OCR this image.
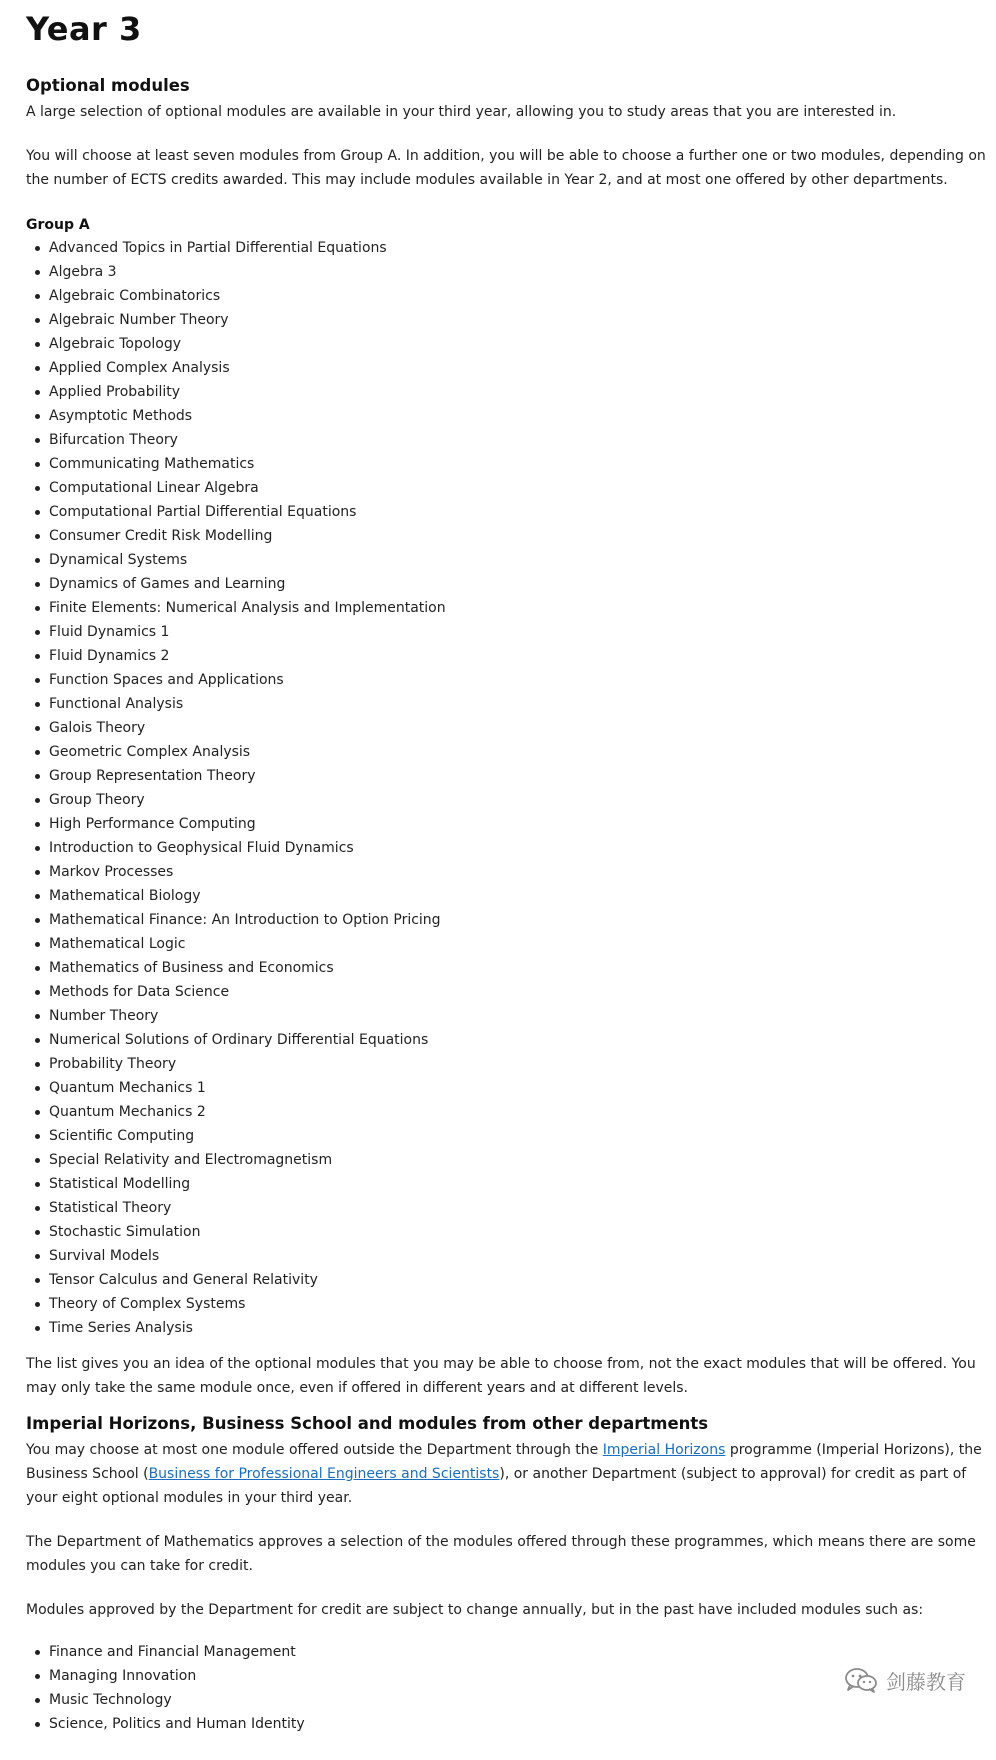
Year 3
Optional modules

A large selection of optional modules are available in your third year, allowing you to study areas that you are interested in.

You will choose at least seven modules from Group A. In addition, you will be able to choose a further one or two modules, depending on the number of ECTS credits awarded. This may include modules available in Year 2, and at most one offered by other departments.

Group A
Advanced Topics in Partial Differential Equations
Algebra 3
Algebraic Combinatorics
Algebraic Number Theory
Algebraic Topology
Applied Complex Analysis
Applied Probability
Asymptotic Methods
Bifurcation Theory
Communicating Mathematics
Computational Linear Algebra
Computational Partial Differential Equations
Consumer Credit Risk Modelling
Dynamical Systems
Dynamics of Games and Learning
Finite Elements: Numerical Analysis and Implementation
Fluid Dynamics 1
Fluid Dynamics 2
Function Spaces and Applications
Functional Analysis
Galois Theory
Geometric Complex Analysis
Group Representation Theory
Group Theory
High Performance Computing
Introduction to Geophysical Fluid Dynamics
Markov Processes
Mathematical Biology
Mathematical Finance: An Introduction to Option Pricing
Mathematical Logic
Mathematics of Business and Economics
Methods for Data Science
Number Theory
Numerical Solutions of Ordinary Differential Equations
Probability Theory
Quantum Mechanics 1
Quantum Mechanics 2
Scientific Computing
Special Relativity and Electromagnetism
Statistical Modelling
Statistical Theory
Stochastic Simulation
Survival Models
Tensor Calculus and General Relativity
Theory of Complex Systems
Time Series Analysis

The list gives you an idea of the optional modules that you may be able to choose from, not the exact modules that will be offered. You may only take the same module once, even if offered in different years and at different levels.

Imperial Horizons, Business School and modules from other departments

You may choose at most one module offered outside the Department through the Imperial Horizons programme (Imperial Horizons), the Business School (Business for Professional Engineers and Scientists), or another Department (subject to approval) for credit as part of your eight optional modules in your third year.

The Department of Mathematics approves a selection of the modules offered through these programmes, which means there are some modules you can take for credit.

Modules approved by the Department for credit are subject to change annually, but in the past have included modules such as:

Finance and Financial Management
Managing Innovation
Music Technology
Science, Politics and Human Identity
剑藤教育
